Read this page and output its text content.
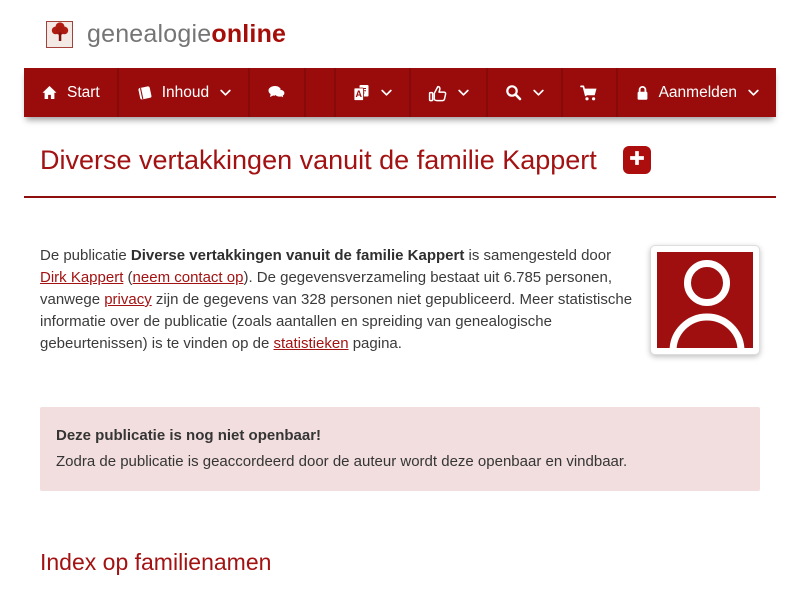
genealogieonline
Start	Inhoud	A	Aanmelden
Diverse vertakkingen vanuit de familie Kappert

De publicatie Diverse vertakkingen vanuit de familie Kappert is samengesteld door Dirk Kappert (neem contact op). De gegevensverzameling bestaat uit 6.785 personen, vanwege privacy zijn de gegevens van 328 personen niet gepubliceerd. Meer statistische informatie over de publicatie (zoals aantallen en spreiding van genealogische gebeurtenissen) is te vinden op de statistieken pagina.

Deze publicatie is nog niet openbaar!
Zodra de publicatie is geaccordeerd door de auteur wordt deze openbaar en vindbaar.
Index op familienamen
